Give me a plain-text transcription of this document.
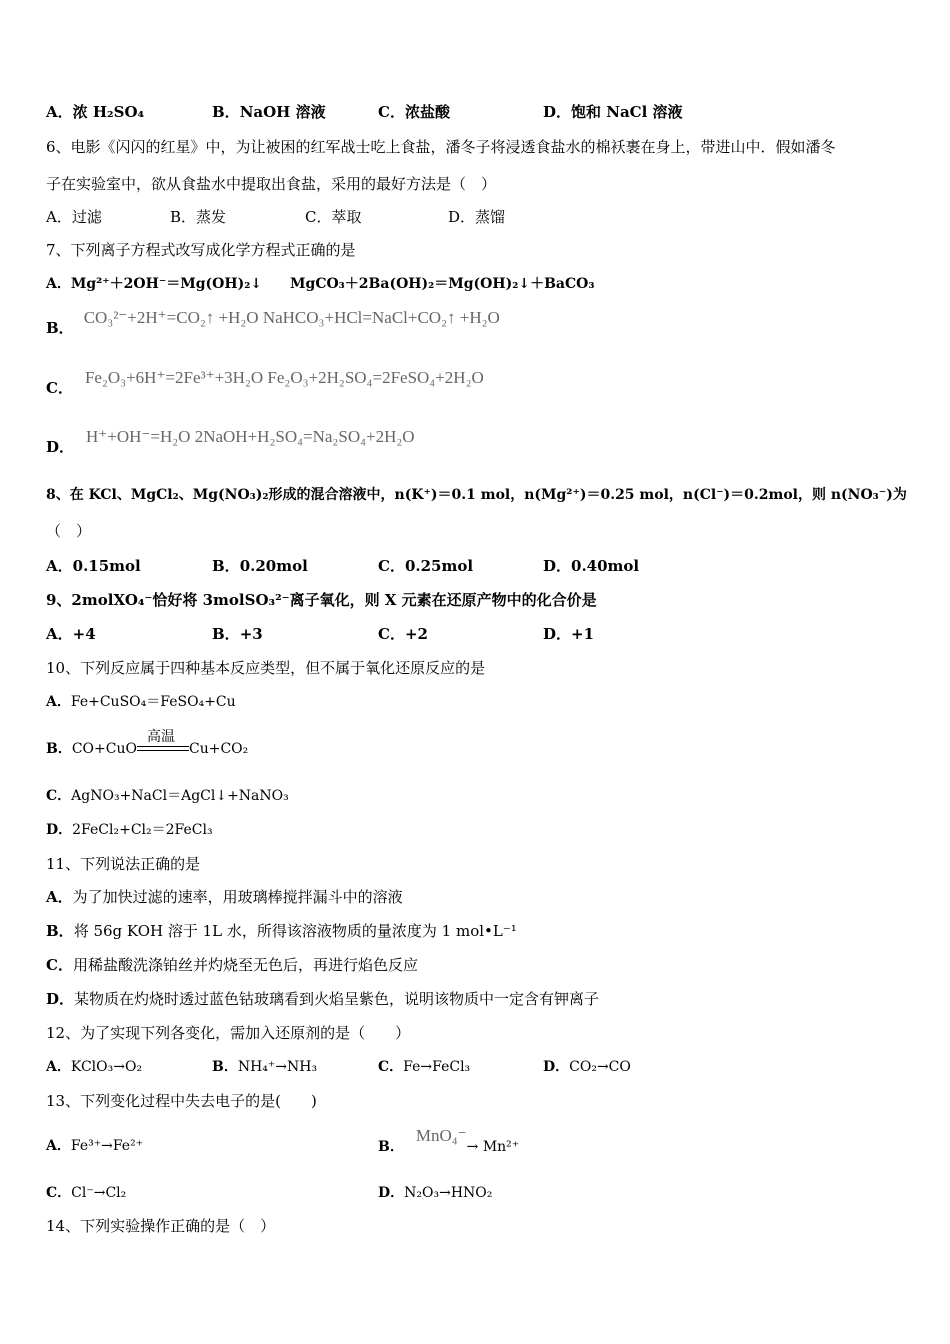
A．浓 H₂SO₄	B．NaOH 溶液	C．浓盐酸	D．饱和 NaCl 溶液
6、电影《闪闪的红星》中，为让被困的红军战士吃上食盐，潘冬子将浸透食盐水的棉袄裹在身上，带进山中．假如潘冬
子在实验室中，欲从食盐水中提取出食盐，采用的最好方法是（　）
A．过滤	B．蒸发	C．萃取	D．蒸馏
7、下列离子方程式改写成化学方程式正确的是
A．Mg²⁺＋2OH⁻＝Mg(OH)₂↓　　MgCO₃＋2Ba(OH)₂＝Mg(OH)₂↓＋BaCO₃
B．CO₃²⁻+2H⁺=CO₂↑ +H₂O NaHCO₃+HCl=NaCl+CO₂↑ +H₂O
C．Fe₂O₃+6H⁺=2Fe³⁺+3H₂O Fe₂O₃+2H₂SO₄=2FeSO₄+2H₂O
D．H⁺+OH⁻=H₂O 2NaOH+H₂SO₄=Na₂SO₄+2H₂O
8、在 KCl、MgCl₂、Mg(NO₃)₂形成的混合溶液中，n(K⁺)＝0.1 mol，n(Mg²⁺)＝0.25 mol，n(Cl⁻)＝0.2mol，则 n(NO₃⁻)为
（　）
A．0.15mol	B．0.20mol	C．0.25mol	D．0.40mol
9、2molXO₄⁻恰好将 3molSO₃²⁻离子氧化，则 X 元素在还原产物中的化合价是
A．+4	B．+3	C．+2	D．+1
10、下列反应属于四种基本反应类型，但不属于氧化还原反应的是
A．Fe+CuSO₄＝FeSO₄+Cu
B．CO+CuO
高温
Cu+CO₂
C．AgNO₃+NaCl＝AgCl↓+NaNO₃
D．2FeCl₂+Cl₂＝2FeCl₃
11、下列说法正确的是
A．为了加快过滤的速率，用玻璃棒搅拌漏斗中的溶液
B．将 56g KOH 溶于 1L 水，所得该溶液物质的量浓度为 1 mol•L⁻¹
C．用稀盐酸洗涤铂丝并灼烧至无色后，再进行焰色反应
D．某物质在灼烧时透过蓝色钴玻璃看到火焰呈紫色，说明该物质中一定含有钾离子
12、为了实现下列各变化，需加入还原剂的是（　　）
A．KClO₃→O₂	B．NH₄⁺→NH₃	C．Fe→FeCl₃	D．CO₂→CO
13、下列变化过程中失去电子的是(　　)
A．Fe³⁺→Fe²⁺	B．MnO₄⁻→ Mn²⁺
C．Cl⁻→Cl₂	D．N₂O₃→HNO₂
14、下列实验操作正确的是（　）
